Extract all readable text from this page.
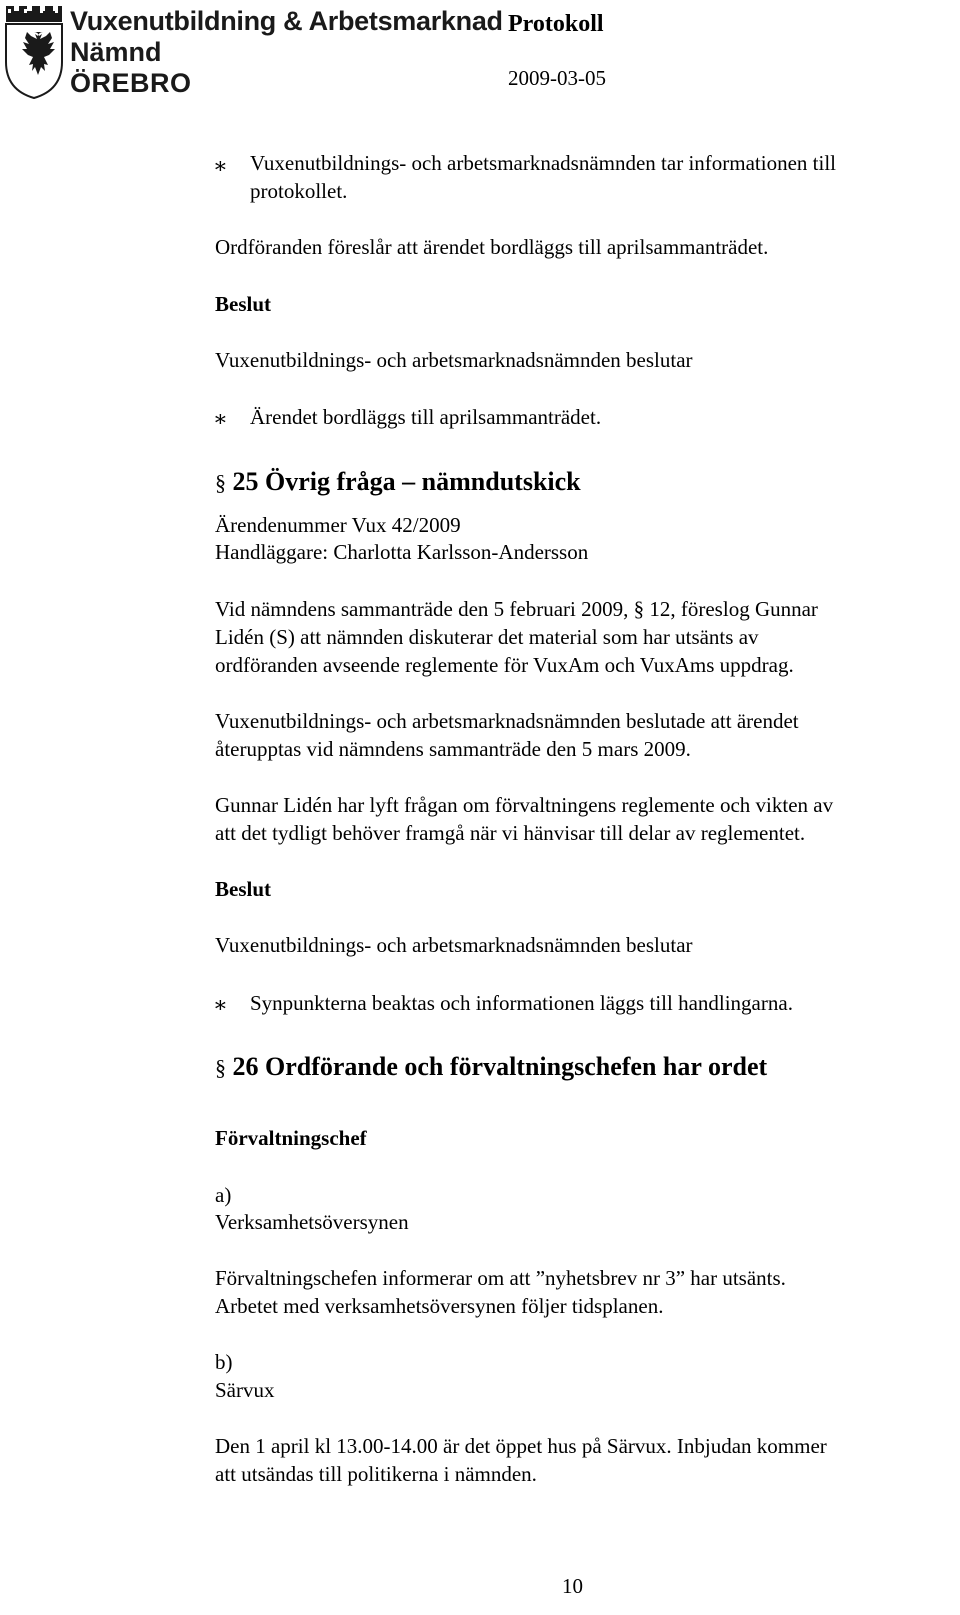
Vuxenutbildning & Arbetsmarknad
Nämnd
ÖREBRO
Protokoll
2009-03-05
∗ Vuxenutbildnings- och arbetsmarknadsnämnden tar informationen till
protokollet.
Ordföranden föreslår att ärendet bordläggs till aprilsammanträdet.
Beslut
Vuxenutbildnings- och arbetsmarknadsnämnden beslutar
∗ Ärendet bordläggs till aprilsammanträdet.
§ 25 Övrig fråga – nämndutskick
Ärendenummer Vux 42/2009
Handläggare: Charlotta Karlsson-Andersson
Vid nämndens sammanträde den 5 februari 2009, § 12, föreslog Gunnar
Lidén (S) att nämnden diskuterar det material som har utsänts av
ordföranden avseende reglemente för VuxAm och VuxAms uppdrag.
Vuxenutbildnings- och arbetsmarknadsnämnden beslutade att ärendet
återupptas vid nämndens sammanträde den 5 mars 2009.
Gunnar Lidén har lyft frågan om förvaltningens reglemente och vikten av
att det tydligt behöver framgå när vi hänvisar till delar av reglementet.
Beslut
Vuxenutbildnings- och arbetsmarknadsnämnden beslutar
∗ Synpunkterna beaktas och informationen läggs till handlingarna.
§ 26 Ordförande och förvaltningschefen har ordet
Förvaltningschef
a)
Verksamhetsöversynen
Förvaltningschefen informerar om att ”nyhetsbrev nr 3” har utsänts.
Arbetet med verksamhetsöversynen följer tidsplanen.
b)
Särvux
Den 1 april kl 13.00-14.00 är det öppet hus på Särvux. Inbjudan kommer
att utsändas till politikerna i nämnden.
10
